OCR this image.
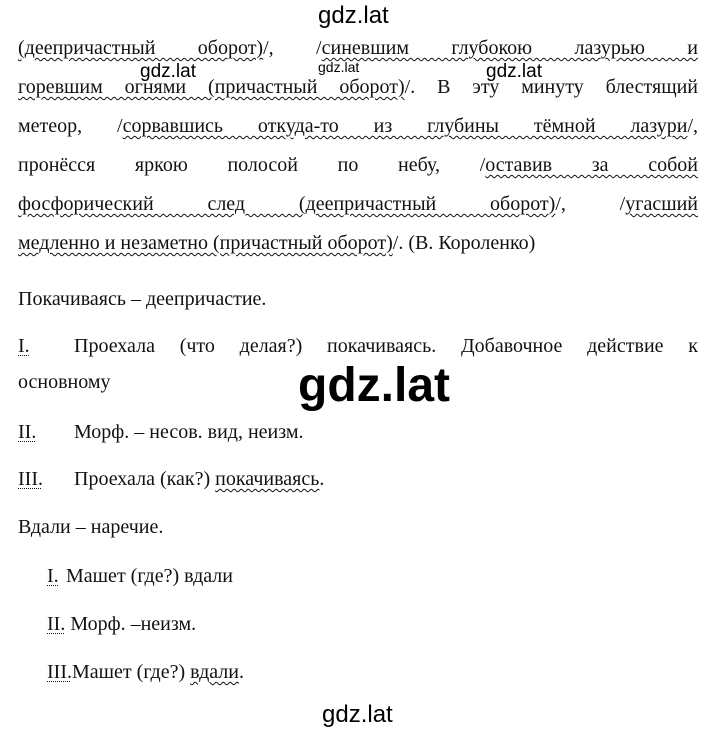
gdz.lat
gdz.lat	gdz.lat	gdz.lat
(деепричастный оборот)/, /синевшим глубокою лазурью и
горевшим огнями (причастный оборот)/. В эту минуту блестящий
метеор, /сорвавшись откуда-то из глубины тёмной лазури/,
пронёсся яркою полосой по небу, /оставив за собой
фосфорический след (деепричастный оборот)/, /угасший
медленно и незаметно (причастный оборот)/. (В. Короленко)
Покачиваясь – деепричастие.
I. Проехала (что делая?) покачиваясь. Добавочное действие к
основному	gdz.lat
II. Морф. – несов. вид, неизм.
III. Проехала (как?) покачиваясь.
Вдали – наречие.
I. Машет (где?) вдали
II. Морф. –неизм.
III.Машет (где?) вдали.
gdz.lat
